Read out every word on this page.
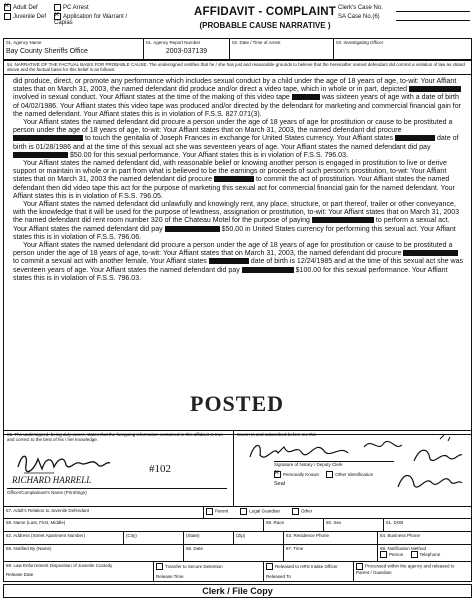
×Adult Def	PC Arrest
Juvenile Def
×	Application for Warrant / Capias
AFFIDAVIT - COMPLAINT
(PROBABLE CAUSE NARRATIVE )
Clerk's Case No.
SA Case No.(6)
01. Agency Name
Bay County Sheriffs Office
01. Agency Report Number
2003-037139
02. Date / Time of Arrest	03. Investigating Officer
54. NARRATIVE OF THE FACTUAL BASIS FOR PROBABLE CAUSE. The undersigned certifies that he / she has just and reasonable grounds to believe that the hereinafter named defendant did commit a violation of law as stated above and the factual basis for this belief is as follows:

did produce, direct, or promote any performance which includes sexual conduct by a child under the age of 18 years of age, to-wit: Your Affiant states that on March 31, 2003, the named defendant did produce and/or direct a video tape, which in whole or in part, depicted  involved in sexual conduct. Your Affiant states at the time of the making of this video tape	was sixteen years of age with a date of birth of 04/02/1986. Your Affiant states this video tape was produced and/or directed by the defendant for marketing and commercial financial gain for the named defendant. Your Affiant states this is in violation of F.S.S. 827.071(3).

Your Affiant states the named defendant did procure a person under the age of 18 years of age for prostitution or cause to be prostituted a person under the age of 18 years of age, to-wit: Your Affiant states that on March 31, 2003, the named defendant did procure  to touch the genitalia of Joseph Frances in exchange for United States currency. Your Affiant states	date of birth is 01/28/1986 and at the time of this sexual act she was seventeen years of age. Your Affiant states the named defendant did pay  $50.00 for this sexual performance. Your Affiant states this is in violation of F.S.S. 796.03.

Your Affiant states the named defendant did, with reasonable belief or knowing another person is engaged in prostitution to live or derive support or maintain in whole or in part from what is believed to be the earnings or proceeds of such person's prostitution, to-wit: Your Affiant states that on March 31, 2003 the named defendant did procure	to commit the act of prostitution. Your Affiant states the named defendant then did video tape this act for the purpose of marketing this sexual act for commercial financial gain for the named defendant. Your Affiant states this is in violation of F.S.S. 796.05.

Your Affiant states the named defendant did unlawfully and knowingly rent, any place, structure, or part thereof, trailer or other conveyance, with the knowledge that it will be used for the purpose of lewdness, assignation or prostitution, to-wit: Your Affiant states that on March 31, 2003 the named defendant did rent room number 320 of the Chateau Motel for the purpose of paying	to perform a sexual act. Your Affiant states the named defendant did pay	$50.00 in United States currency for performing this sexual act. Your Affiant states this is in violation of F.S.S. 796.06.

Your Affiant states the named defendant did procure a person under the age of 18 years of age for prostitution or cause to be prostituted a person under the age of 18 years of age, to-wit: Your Affiant states that on March 31, 2003, the named defendant did procure  to commit a sexual act with another female. Your Affiant states	date of birth is 12/24/1985 and at the time of this sexual act she was seventeen years of age. Your Affiant states the named defendant did pay	$100.00 for this sexual performance. Your Affiant states this is in violation of F.S.S. 796.03.

POSTED
55. The undersigned, being duly sworn, states that the foregoing information contained in this affidavit is true and correct to the best of his / her knowledge.
RICHARD HARRELL
#102
Officer/Complainant's Name (Print/Sign)
Sworn to and subscribed before me this
Signature of Notary / Deputy Clerk
×Personally Known	Other Identification
Seal
57. Adult's Relation to Juvenile Defendant	Parent	Legal Guardian	Other
58. Name (Last, First, Middle)	59. Race	60. Sex	61. DOB
62. Address (Street Apartment Number)	(City)	(State)	(Zip)	63. Residence Phone	64. Business Phone
65. Notified By (Name)	66. Date	67. Time	68. Notification Method
Person	Telephone
69. Law Enforcement Disposition of Juvenile Custody
Release Date
Transfer to Secure Detention
Release Time
Released to HRS Intake Officer
Released To
Processed within the agency and released to Parent / Guardian
Clerk / File Copy
